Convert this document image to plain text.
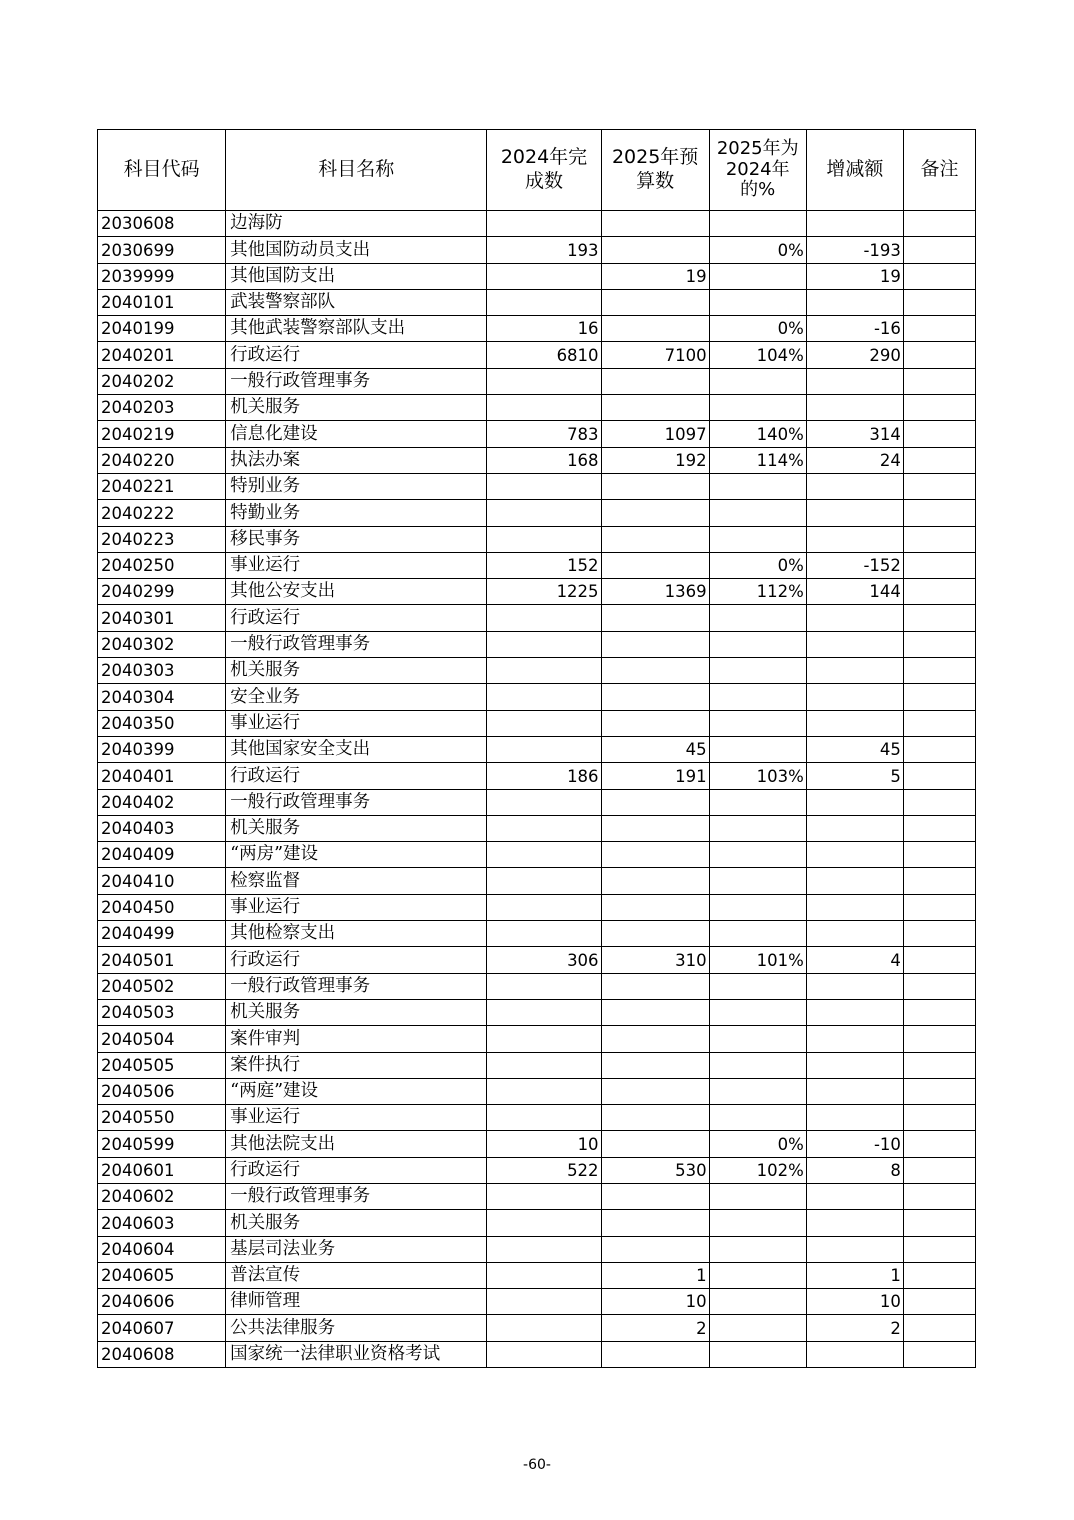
科目代码	科目名称	2024年完成数	2025年预算数	2025年为2024年的%	增减额	备注
2030608	边海防					
2030699	其他国防动员支出	193		0%	-193	
2039999	其他国防支出		19		19	
2040101	武装警察部队					
2040199	其他武装警察部队支出	16		0%	-16	
2040201	行政运行	6810	7100	104%	290	
2040202	一般行政管理事务					
2040203	机关服务					
2040219	信息化建设	783	1097	140%	314	
2040220	执法办案	168	192	114%	24	
2040221	特别业务					
2040222	特勤业务					
2040223	移民事务					
2040250	事业运行	152		0%	-152	
2040299	其他公安支出	1225	1369	112%	144	
2040301	行政运行					
2040302	一般行政管理事务					
2040303	机关服务					
2040304	安全业务					
2040350	事业运行					
2040399	其他国家安全支出		45		45	
2040401	行政运行	186	191	103%	5	
2040402	一般行政管理事务					
2040403	机关服务					
2040409	“两房”建设					
2040410	检察监督					
2040450	事业运行					
2040499	其他检察支出					
2040501	行政运行	306	310	101%	4	
2040502	一般行政管理事务					
2040503	机关服务					
2040504	案件审判					
2040505	案件执行					
2040506	“两庭”建设					
2040550	事业运行					
2040599	其他法院支出	10		0%	-10	
2040601	行政运行	522	530	102%	8	
2040602	一般行政管理事务					
2040603	机关服务					
2040604	基层司法业务					
2040605	普法宣传		1		1	
2040606	律师管理		10		10	
2040607	公共法律服务		2		2	
2040608	国家统一法律职业资格考试					
-60-
